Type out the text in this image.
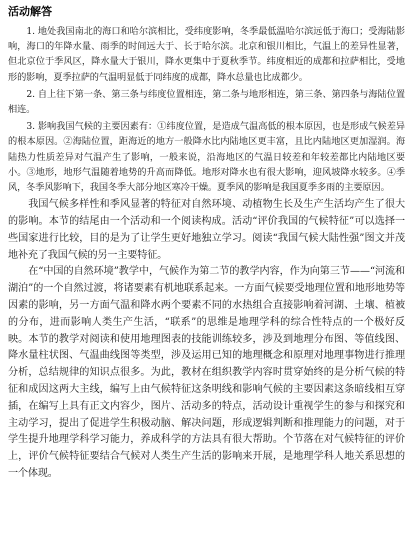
活动解答

1. 地处我国南北的海口和哈尔滨相比，受纬度影响，冬季最低温哈尔滨远低于海口；受海陆影响，海口的年降水量、雨季的时间远大于、长于哈尔滨。北京和银川相比，气温上的差异性显著，但北京位于季风区，降水量大于银川，降水更集中于夏秋季节。纬度相近的成都和拉萨相比，受地形的影响，夏季拉萨的气温明显低于同纬度的成都，降水总量也比成都少。

2. 自上往下第一条、第三条与纬度位置相连，第二条与地形相连，第三条、第四条与海陆位置相连。

3. 影响我国气候的主要因素有：①纬度位置，是造成气温高低的根本原因，也是形成气候差异的根本原因。②海陆位置，距海近的地方一般降水比内陆地区更丰富，且比内陆地区更加湿润。海陆热力性质差异对气温产生了影响，一般来说，沿海地区的气温日较差和年较差都比内陆地区要小。③地形，地形气温随着地势的升高而降低。地形对降水也有很大影响，迎风坡降水较多。④季风，冬季风影响下，我国冬季大部分地区寒冷干燥。夏季风的影响是我国夏季多雨的主要原因。

我国气候多样性和季风显著的特征对自然环境、动植物生长及生产生活均产生了很大的影响。本节的结尾由一个活动和一个阅读构成。活动“评价我国的气候特征”可以选择一些国家进行比较，目的是为了让学生更好地独立学习。阅读“我国气候大陆性强”图文并茂地补充了我国气候的另一主要特征。

在“中国的自然环境”教学中，气候作为第二节的教学内容，作为向第三节——“河流和湖泊”的一个自然过渡，将诸要素有机地联系起来。一方面气候要受地理位置和地形地势等因素的影响，另一方面气温和降水两个要素不同的水热组合直接影响着河湖、土壤、植被的分布，进而影响人类生产生活，“联系”的思维是地理学科的综合性特点的一个极好反映。本节的教学对阅读和使用地理图表的技能训练较多，涉及到地理分布图、等值线图、降水量柱状图、气温曲线图等类型，涉及运用已知的地理概念和原理对地理事物进行推理分析，总结规律的知识点很多。为此，教材在组织教学内容时贯穿始终的是分析气候的特征和成因这两大主线，编写上由气候特征这条明线和影响气候的主要因素这条暗线相互穿插，在编写上具有正文内容少，图片、活动多的特点，活动设计重视学生的参与和探究和主动学习，提出了促进学生积极动脑、解决问题，形成逻辑判断和推理能力的问题，对于学生提升地理学科学习能力，养成科学的方法具有很大帮助。个节落在对气候特征的评价上，评价气候特征要结合气候对人类生产生活的影响来开展，是地理学科人地关系思想的一个体现。
